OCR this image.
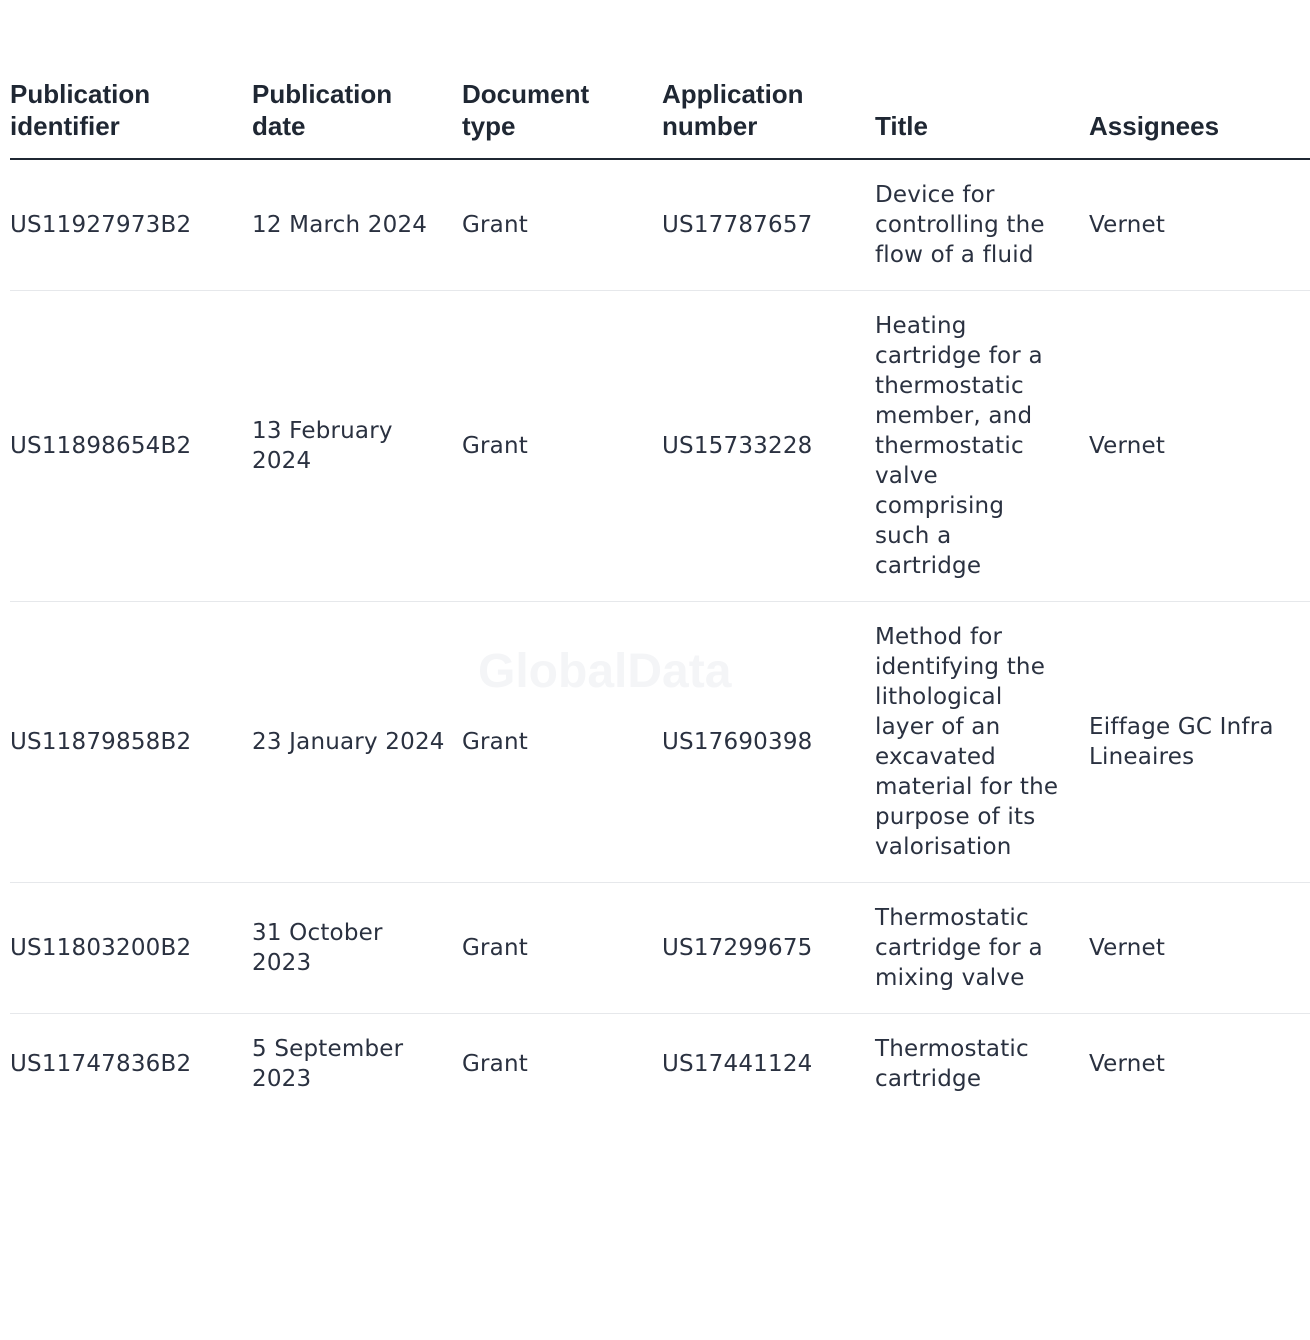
GlobalData
Publication identifier	Publication date	Document type	Application number	Title	Assignees
US11927973B2	12 March 2024	Grant	US17787657	Device for controlling the flow of a fluid	Vernet
US11898654B2	13 February 2024	Grant	US15733228	Heating cartridge for a thermostatic member, and thermostatic valve comprising such a cartridge	Vernet
US11879858B2	23 January 2024	Grant	US17690398	Method for identifying the lithological layer of an excavated material for the purpose of its valorisation	Eiffage GC Infra Lineaires
US11803200B2	31 October 2023	Grant	US17299675	Thermostatic cartridge for a mixing valve	Vernet
US11747836B2	5 September 2023	Grant	US17441124	Thermostatic cartridge	Vernet
